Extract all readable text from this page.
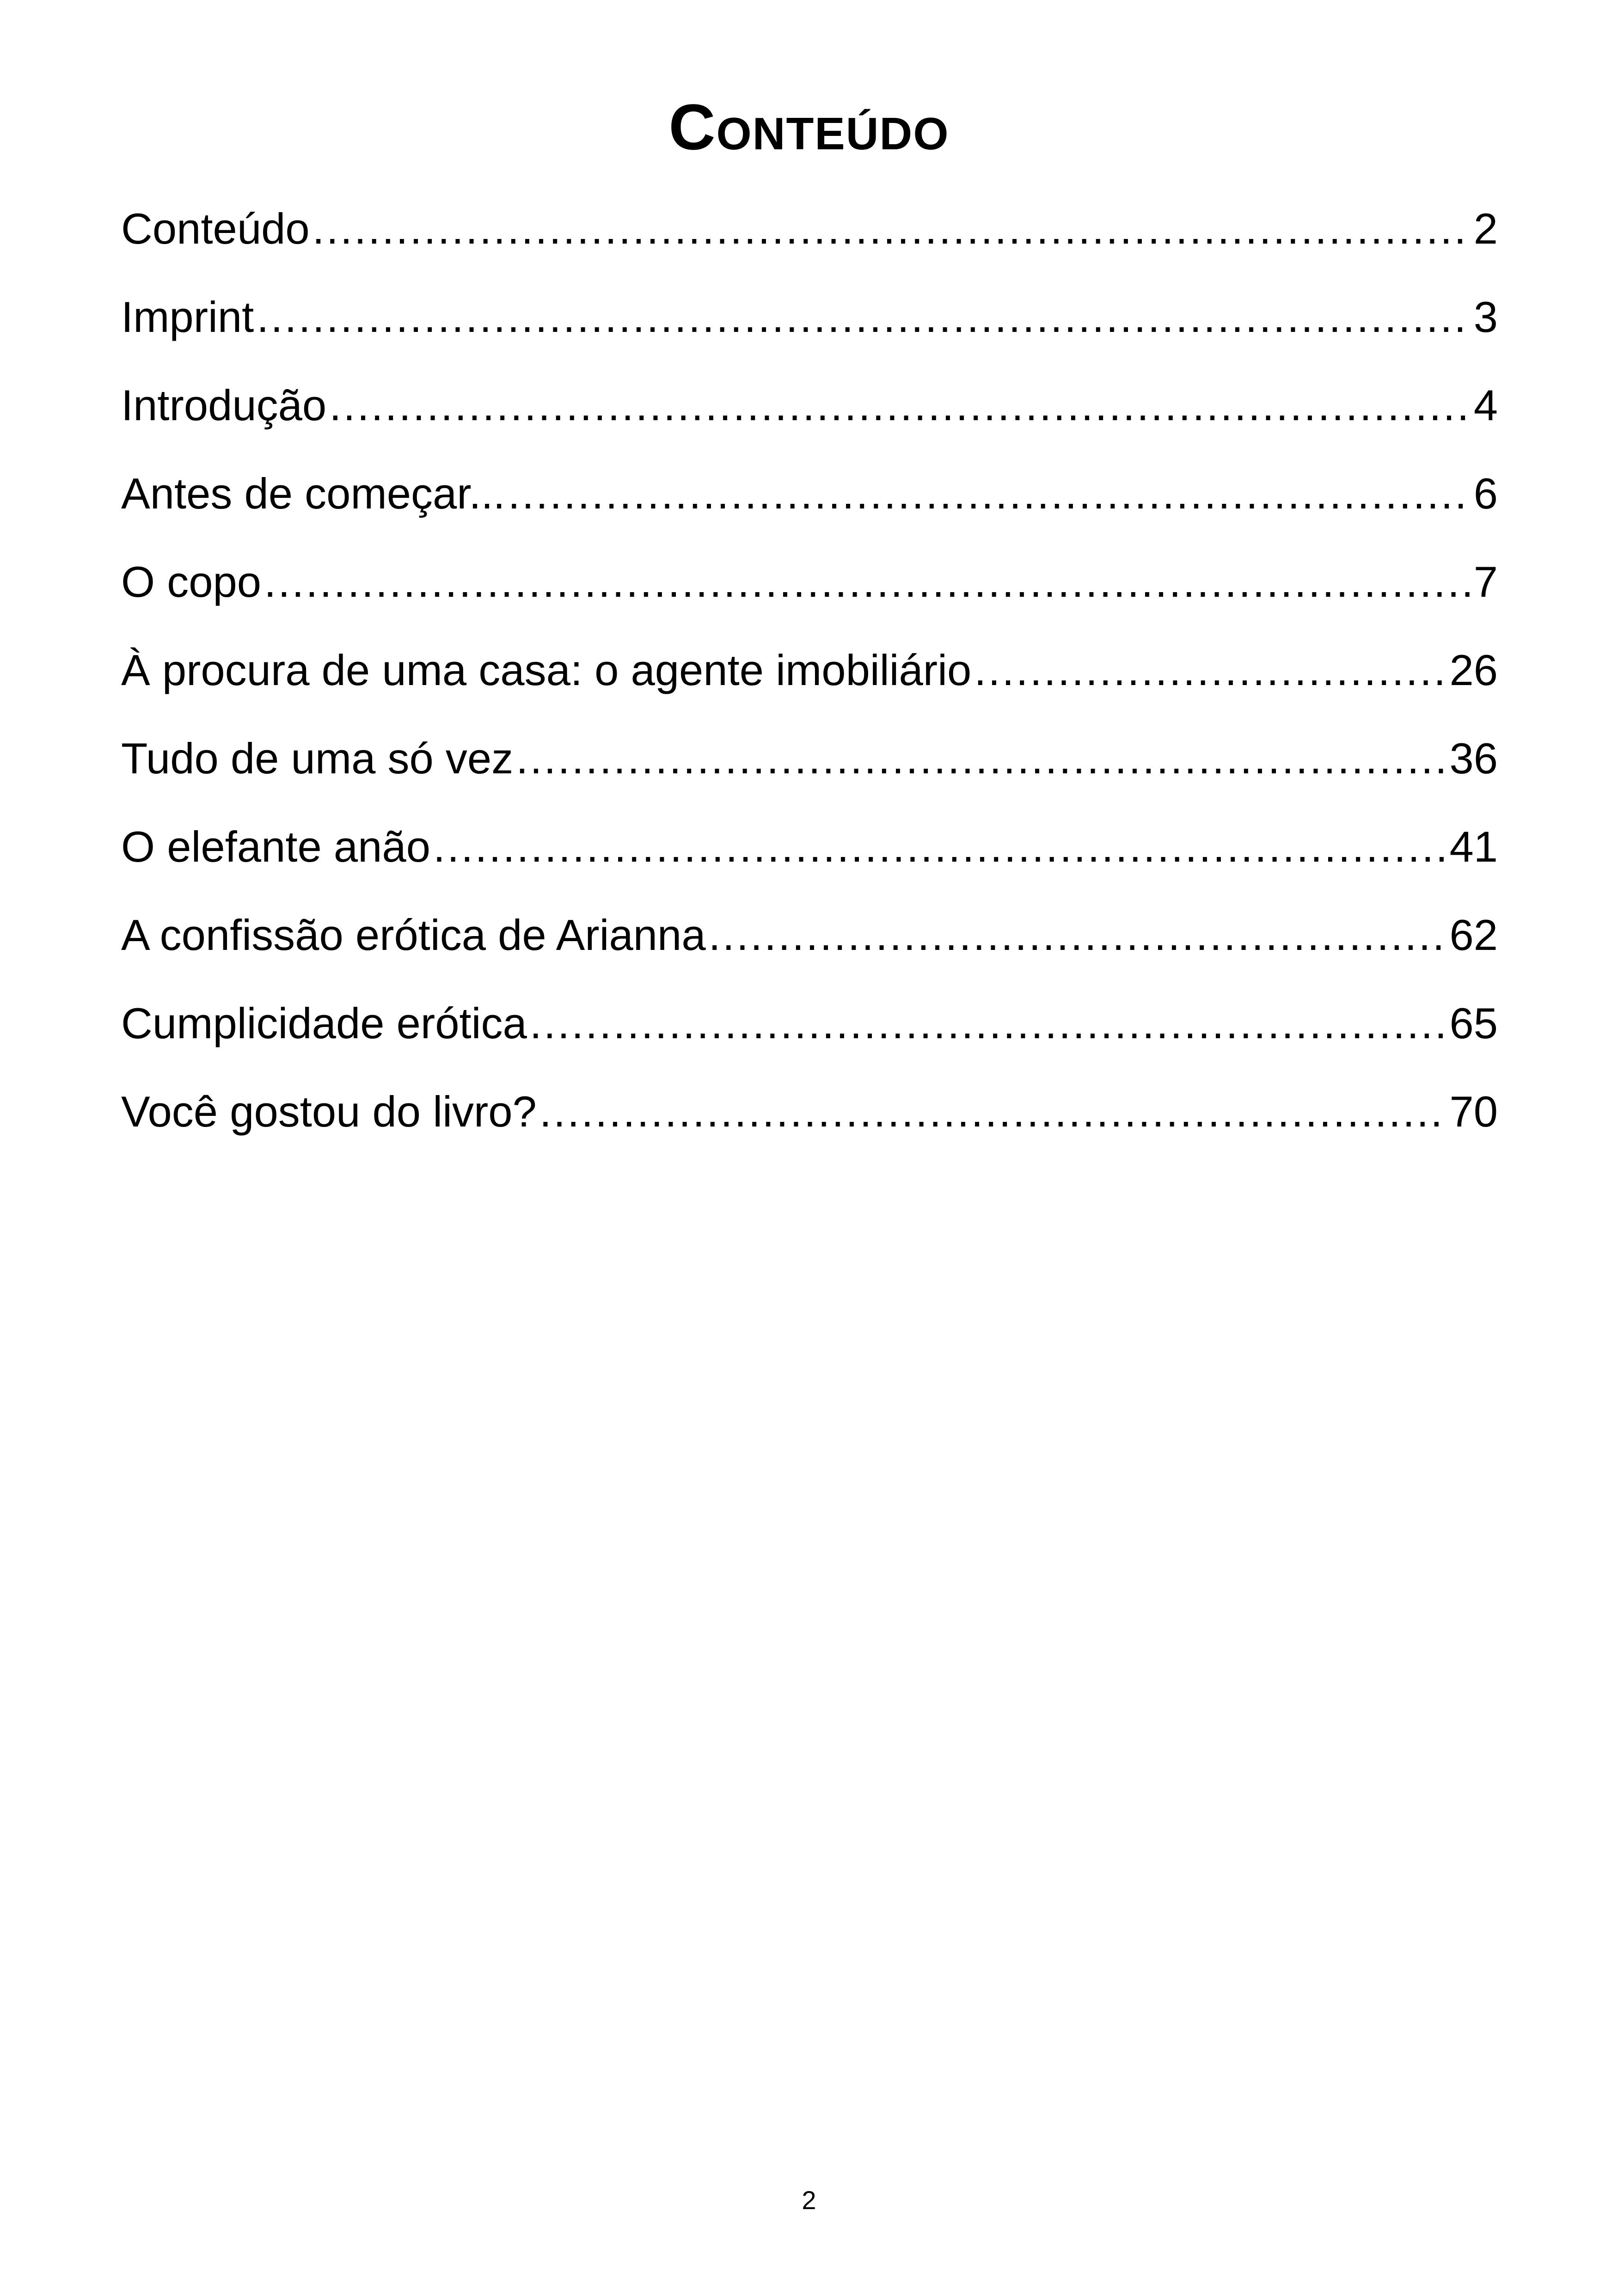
Conteúdo
Conteúdo .....	2
Imprint .....	3
Introdução .....	4
Antes de começar... .....	6
O copo .....	7
À procura de uma casa: o agente imobiliário .....	26
Tudo de uma só vez .....	36
O elefante anão .....	41
A confissão erótica de Arianna .....	62
Cumplicidade erótica .....	65
Você gostou do livro? .....	70
2
